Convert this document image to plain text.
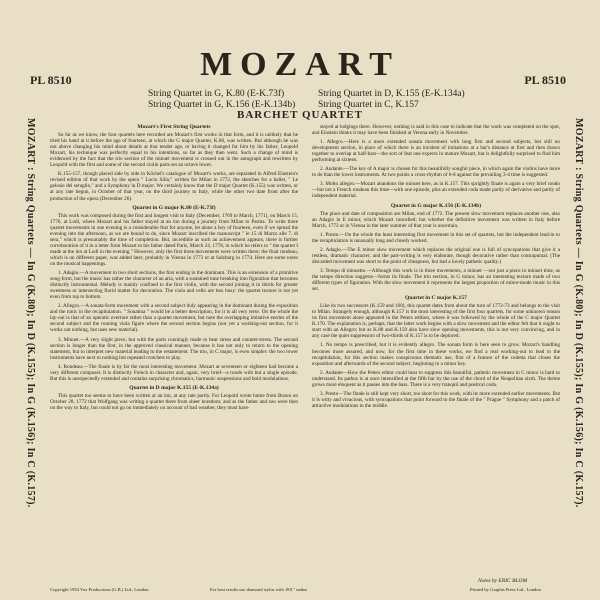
MOZART
PL 8510	PL 8510
String Quartet in G, K.80 (E-K.73f)
String Quartet in G, K.156 (E-K.134b)
String Quartet in D, K.155 (E-K.134a)
String Quartet in C, K.157
BARCHET QUARTET
MOZART : String Quartets — In G (K.80); In D (K.155); In G (K.156); In C (K.157).	MOZART : String Quartets — In G (K.80); In D (K.155); In G (K.156); In C (K.157).
Mozart's First String Quartets

So far as we know, the four quartets here recorded are Mozart's first works in that form, and it is unlikely that he tried his hand at it before the age of fourteen, at which the G major Quartet, K.80, was written. But although he was not above changing his mind about details at that tender age, or having it changed for him by his father, Leopold Mozart, his technique was perfectly equal to his intentions, so far as they then went. Such a change of mind is evidenced by the fact that the trio section of the minuet movement is crossed out in the autograph and rewritten by Leopold with the first and some of the second violin parts set an octave lower.

K.155-157, though placed side by side in Köchel's catalogue of Mozart's works, are separated in Alfred Einstein's revised edition of that work by the opera " Lucio Silla," written for Milan in 1772, the sketches for a ballet, " Le gelosie del seraglio," and a Symphony in D major. We certainly know that the D major Quartet (K.155) was written, or at any rate begun, in October of that year, on the third journey to Italy, while the other two date from after the production of the opera (December 26).

Quartet in G major K.80 (E-K.73f)

This work was composed during the first and longest visit to Italy (December, 1769 to March, 1771), on March 15, 1770, at Lodi, where Mozart and his father stayed at an inn during a journey from Milan to Parma. To write three quartet movements in one evening is a considerable feat for anyone, let alone a boy of fourteen, even if we spread the evening into the afternoon, as we are bound to do, since Mozart inscribed the manuscript " le 15 di Marzo alle 7. di sera," which is presumably the time of completion. But, incredible as such an achievement appears, there is further corroboration of it in a letter from Mozart to his father dated Paris, March 24, 1778, in which he refers to " the quartet I made at the inn at Lodi in the evening." However, only the first three movements were written there; the final rondeau, which is on different paper, was added later, probably in Vienna in 1773 or at Salzburg in 1774. Here are some notes on the musical happenings.

1. Adagio.—A movement in two short sections, the first ending in the dominant. This is an extension of a primitive song-form, but the music has rather the character of an aria, with a sustained tune breaking into figuration that becomes distinctly instrumental. Melody is mainly confined to the first violin, with the second joining it in thirds for greater sweetness or intersecting florid matter for decoration. The viola and cello are less busy: the quartet texture is not yet even from top to bottom.

2. Allegro.—A sonata-form movement with a second subject duly appearing in the dominant during the exposition and the tonic in the recapitulation. " Sonatina " would be a better description, for it is all very terse. On the whole the lay-out is that of an operatic overture rather than a quartet movement, but note the overlapping imitative entries of the second subject and the running viola figure where the second section begins (not yet a working-out section, for it works out nothing, but uses new material).

3. Minuet.—A very slight piece, but with the parts cunningly made to bear stress and counter-stress. The second section is longer than the first, in the approved classical manner, because it has not only to return to the opening statement, but to interpret new material leading to the restatement. The trio, in C major, is even simpler: the two lower instruments have next to nothing but repeated crotchets to play.

4. Rondeau.—The finale is by far the most interesting movement. Mozart at seventeen or eighteen had become a very different composer. It is distinctly French in character and, again, very brief—a rondo with but a single episode. But this is unexpectedly extended and contains surprising chromatics, harmonic suspensions and bold modulations.

Quartet in D major K.155 (E-K.134a)

This quartet too seems to have been written at an inn, at any rate partly. For Leopold wrote home from Bozen on October 28, 1772 that Wolfgang was writing a quartet there from sheer boredom; and as the father and son were then on the way to Italy, but could not go on immediately on account of bad weather, they must have

stayed at lodgings there. However, nothing is said in this case to indicate that the work was completed on the spot, and Einstein thinks it may have been finished at Verona early in November.

1. Allegro.—Here is a more extended sonata movement with long first and second subjects, but still no development section, in place of which there is an incident of imitations at a bar's distance at first and then drawn together to overlap at half-bars—the sort of feat one expects in mature Mozart, but is delightfully surprised to find him performing at sixteen.

2. Andante.—The key of A major is chosen for this beautifully songful piece, in which again the violins have more to do than the lower instruments. At two points a cross-rhythm of 6-8 against the prevailing 3-4 time is suggested.

3. Molto allegro.—Mozart abandons the minuet here, as in K.157. This sprightly finale is again a very brief rondo—but not a French rondeau this time—with one episode, plus an extended coda made partly of derivative and partly of independent material.

Quartet in G major K.156 (E-K.134b)

The place and date of composition are Milan, end of 1772. The present slow movement replaces another one, also an Adagio in E minor, which Mozart cancelled; but whether the definitive movement was written in Italy before March, 1773 or in Vienna in the later summer of that year is uncertain.

1. Presto.—On the whole the least interesting first movement in this set of quartets, but the independent lead-in to the recapitulation is unusually long and closely worked.

2. Adagio.—The E minor slow movement which replaces the original one is full of syncopations that give it a restless, dramatic character, and the part-writing is very elaborate, though decorative rather than contrapuntal. (The discarded movement was short to the point of cheapness, but had a lovely pathetic quality.)

3. Tempo di minuetto.—Although this work is in three movements, a minuet —not just a piece in minuet time, as the tempo direction suggests—forms its finale. The trio section, in G minor, has an interesting texture made of two different types of figuration. With the slow movement it represents the largest proportion of minor-mode music in this set.

Quartet in C major K.157

Like its two successors (K.159 and 160), this quartet dates from about the turn of 1772-73 and belongs to the visit to Milan. Strangely enough, although K.157 is the most interesting of the first four quartets, for some unknown reason its first movement alone appeared in the Peters edition, where it was followed by the whole of the C major Quartet K.170. The explanation is, perhaps, that the latter work begins with a slow movement and the editor felt that it ought to start with an Allegro; but as K.80 and K.159 also have slow opening movements, this is not very convincing, and in any case the quiet suppression of two-thirds of K.157 is to be deplored.

1. No tempo is prescribed, but it is evidently allegro. The sonata form is here seen to grow. Mozart's handling becomes more assured, and now, for the first time in these works, we find a real working-out to lead to the recapitulation, for this section makes conspicuous thematic use, first of a feature of the codetta that closes the exposition and afterwards of the second subject, beginning in a minor key.

2. Andante—How the Peters editor could bear to suppress this beautiful, pathetic movement in C minor is hard to understand. Its pathos is at once intensified at the fifth bar by the use of the chord of the Neapolitan sixth. The theme grows more eloquent as it passes into the bass. There is a very tranquil and poetical coda.

3. Presto—The finale is still kept very short, too short for this work, with its more extended earlier movements. But it is witty and vivacious, with syncopations that point forward to the finale of the " Prague " Symphony and a patch of attractive modulations in the middle.

Notes by ERIC BLOM
Copyright 1954 Vox Productions (G.B.) Ltd., London	For best results use diamond stylus with .001" radius	Printed by Graphis Press Ltd., London
